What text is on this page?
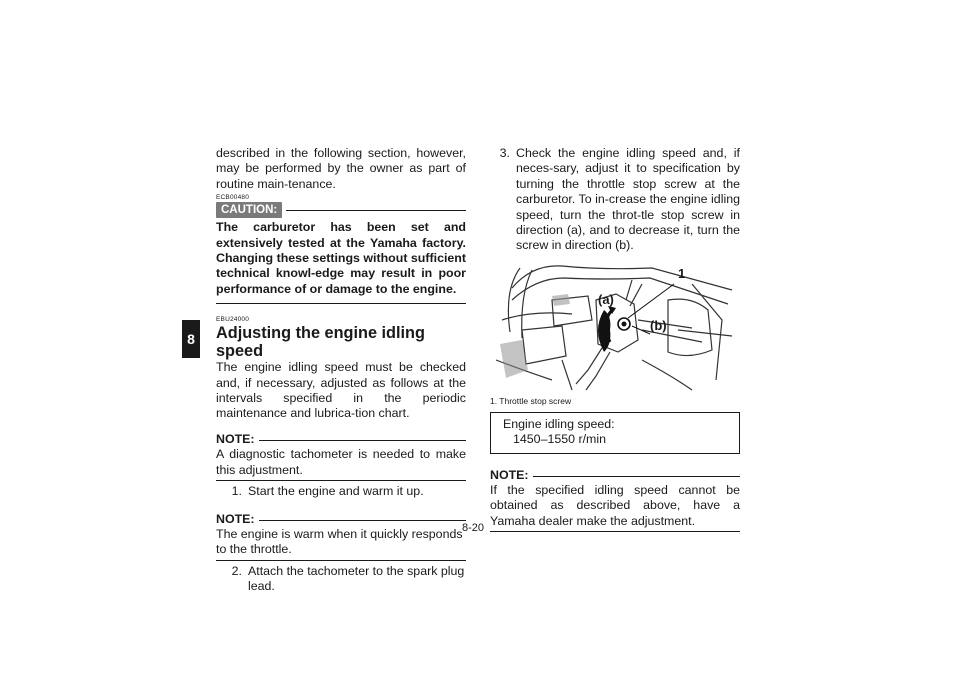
8

described in the following section, however, may be performed by the owner as part of routine main-tenance.

ECB00480
CAUTION:

The carburetor has been set and extensively tested at the Yamaha factory. Changing these settings without sufficient technical knowl-edge may result in poor performance of or damage to the engine.

EBU24000
Adjusting the engine idling speed

The engine idling speed must be checked and, if necessary, adjusted as follows at the intervals specified in the periodic maintenance and lubrica-tion chart.

NOTE:

A diagnostic tachometer is needed to make this adjustment.

1. Start the engine and warm it up.
NOTE:

The engine is warm when it quickly responds to the throttle.

2. Attach the tachometer to the spark plug lead.
3. Check the engine idling speed and, if neces-sary, adjust it to specification by turning the throttle stop screw at the carburetor. To in-crease the engine idling speed, turn the throt-tle stop screw in direction (a), and to decrease it, turn the screw in direction (b).
1
(a)
(b)
1. Throttle stop screw
Engine idling speed:
1450–1550 r/min
NOTE:

If the specified idling speed cannot be obtained as described above, have a Yamaha dealer make the adjustment.

8-20
